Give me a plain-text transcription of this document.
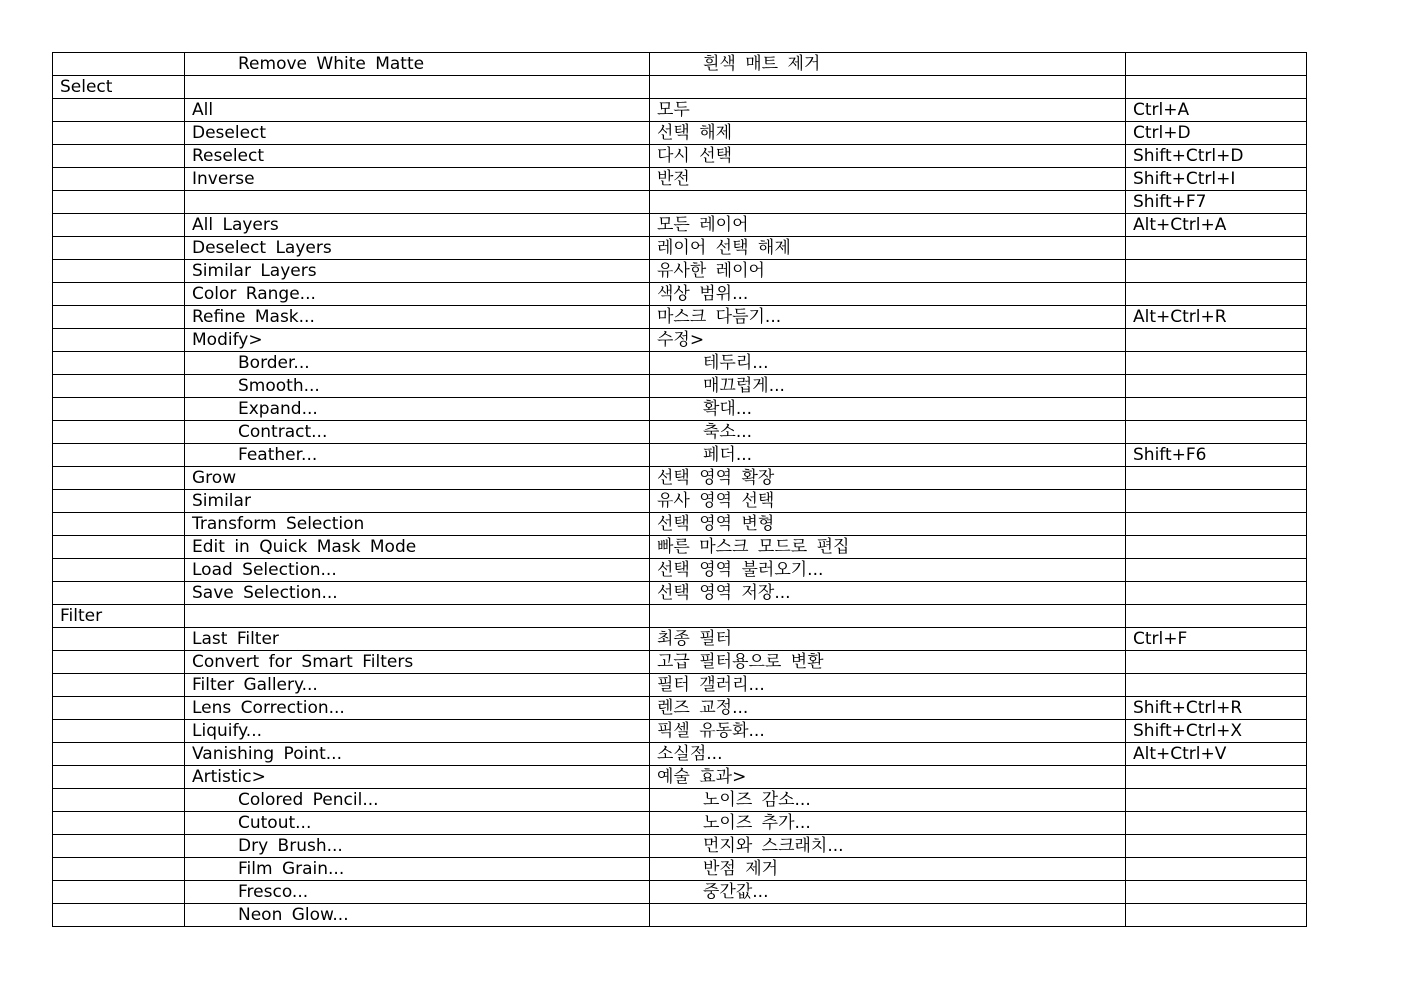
	Remove White Matte	흰색 매트 제거	
Select			
	All	모두	Ctrl+A
	Deselect	선택 해제	Ctrl+D
	Reselect	다시 선택	Shift+Ctrl+D
	Inverse	반전	Shift+Ctrl+I
			Shift+F7
	All Layers	모든 레이어	Alt+Ctrl+A
	Deselect Layers	레이어 선택 해제	
	Similar Layers	유사한 레이어	
	Color Range...	색상 범위...	
	Refine Mask...	마스크 다듬기...	Alt+Ctrl+R
	Modify>	수정>	
	Border...	테두리...	
	Smooth...	매끄럽게...	
	Expand...	확대...	
	Contract...	축소...	
	Feather...	페더...	Shift+F6
	Grow	선택 영역 확장	
	Similar	유사 영역 선택	
	Transform Selection	선택 영역 변형	
	Edit in Quick Mask Mode	빠른 마스크 모드로 편집	
	Load Selection...	선택 영역 불러오기...	
	Save Selection...	선택 영역 저장...	
Filter			
	Last Filter	최종 필터	Ctrl+F
	Convert for Smart Filters	고급 필터용으로 변환	
	Filter Gallery...	필터 갤러리...	
	Lens Correction...	렌즈 교정...	Shift+Ctrl+R
	Liquify...	픽셀 유동화...	Shift+Ctrl+X
	Vanishing Point...	소실점...	Alt+Ctrl+V
	Artistic>	예술 효과>	
	Colored Pencil...	노이즈 감소...	
	Cutout...	노이즈 추가...	
	Dry Brush...	먼지와 스크래치...	
	Film Grain...	반점 제거	
	Fresco...	중간값...	
	Neon Glow...		
